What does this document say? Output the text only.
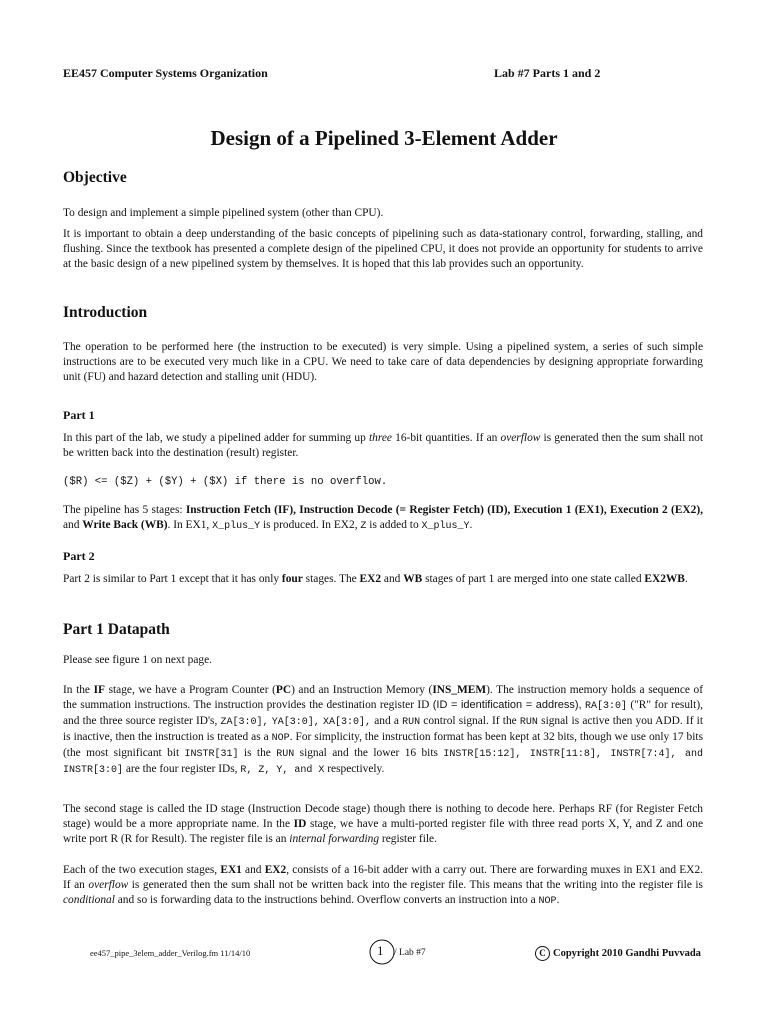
EE457 Computer Systems Organization	Lab #7 Parts 1 and 2
Design of a Pipelined 3-Element Adder
Objective

To design and implement a simple pipelined system (other than CPU).

It is important to obtain a deep understanding of the basic concepts of pipelining such as data-stationary control, forwarding, stalling, and flushing. Since the textbook has presented a complete design of the pipelined CPU, it does not provide an opportunity for students to arrive at the basic design of a new pipelined system by themselves. It is hoped that this lab provides such an opportunity.

Introduction

The operation to be performed here (the instruction to be executed) is very simple. Using a pipelined system, a series of such simple instructions are to be executed very much like in a CPU. We need to take care of data dependencies by designing appropriate forwarding unit (FU) and hazard detection and stalling unit (HDU).

Part 1

In this part of the lab, we study a pipelined adder for summing up three 16-bit quantities. If an overflow is generated then the sum shall not be written back into the destination (result) register.

($R) <= ($Z) + ($Y) + ($X) if there is no overflow.

The pipeline has 5 stages: Instruction Fetch (IF), Instruction Decode (= Register Fetch) (ID), Execution 1 (EX1), Execution 2 (EX2), and Write Back (WB). In EX1, X_plus_Y is produced. In EX2, Z is added to X_plus_Y.

Part 2

Part 2 is similar to Part 1 except that it has only four stages. The EX2 and WB stages of part 1 are merged into one state called EX2WB.

Part 1 Datapath

Please see figure 1 on next page.

In the IF stage, we have a Program Counter (PC) and an Instruction Memory (INS_MEM). The instruction memory holds a sequence of the summation instructions. The instruction provides the destination register ID (ID = identification = address), RA[3:0] ("R" for result), and the three source register ID's, ZA[3:0], YA[3:0], XA[3:0], and a RUN control signal. If the RUN signal is active then you ADD. If it is inactive, then the instruction is treated as a NOP. For simplicity, the instruction format has been kept at 32 bits, though we use only 17 bits (the most significant bit INSTR[31] is the RUN signal and the lower 16 bits INSTR[15:12], INSTR[11:8], INSTR[7:4], and INSTR[3:0] are the four register IDs, R, Z, Y, and X respectively.

The second stage is called the ID stage (Instruction Decode stage) though there is nothing to decode here. Perhaps RF (for Register Fetch stage) would be a more appropriate name. In the ID stage, we have a multi-ported register file with three read ports X, Y, and Z and one write port R (R for Result). The register file is an internal forwarding register file.

Each of the two execution stages, EX1 and EX2, consists of a 16-bit adder with a carry out. There are forwarding muxes in EX1 and EX2. If an overflow is generated then the sum shall not be written back into the register file. This means that the writing into the register file is conditional and so is forwarding data to the instructions behind. Overflow converts an instruction into a NOP.

ee457_pipe_3elem_adder_Verilog.fm 11/14/10	1 / Lab #7	C Copyright 2010 Gandhi Puvvada
